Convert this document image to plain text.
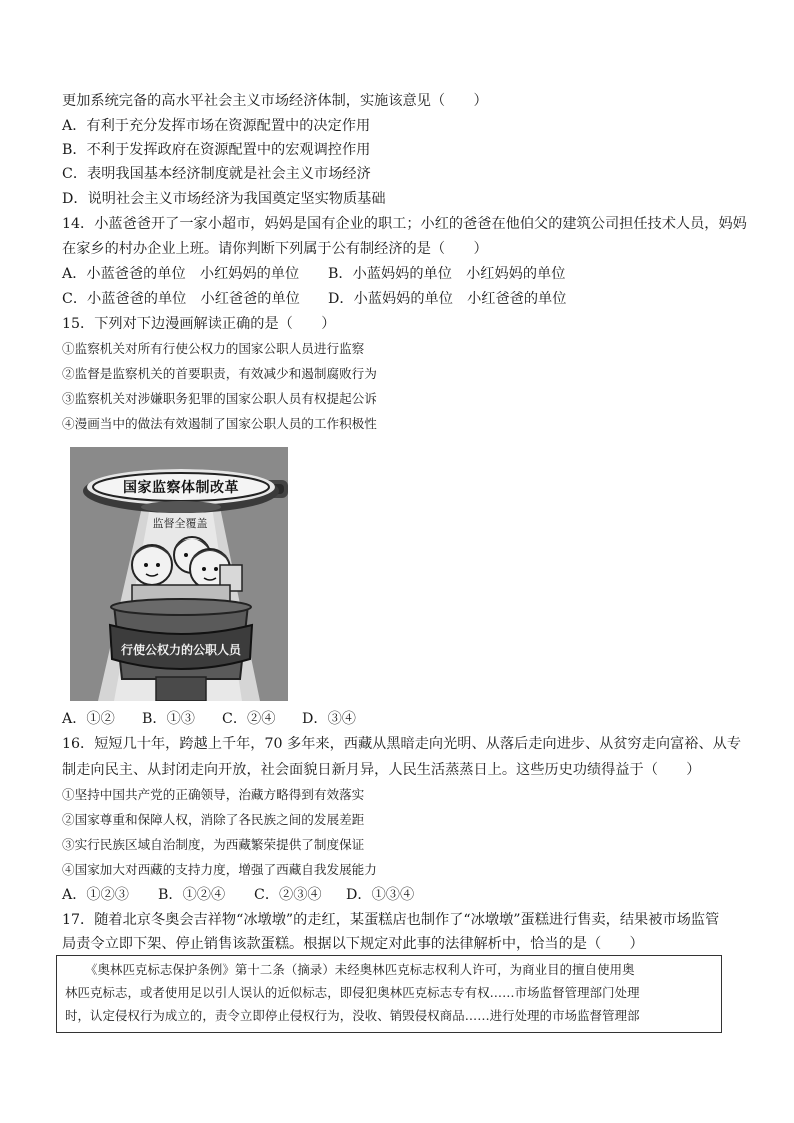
更加系统完备的高水平社会主义市场经济体制，实施该意见（　　）
A．有利于充分发挥市场在资源配置中的决定作用
B．不利于发挥政府在资源配置中的宏观调控作用
C．表明我国基本经济制度就是社会主义市场经济
D．说明社会主义市场经济为我国奠定坚实物质基础
14．小蓝爸爸开了一家小超市，妈妈是国有企业的职工；小红的爸爸在他伯父的建筑公司担任技术人员，妈妈
在家乡的村办企业上班。请你判断下列属于公有制经济的是（　　）
A．小蓝爸爸的单位　小红妈妈的单位 B．小蓝妈妈的单位　小红妈妈的单位
C．小蓝爸爸的单位　小红爸爸的单位 D．小蓝妈妈的单位　小红爸爸的单位
15．下列对下边漫画解读正确的是（　　）
①监察机关对所有行使公权力的国家公职人员进行监察
②监督是监察机关的首要职责，有效减少和遏制腐败行为
③监察机关对涉嫌职务犯罪的国家公职人员有权提起公诉
④漫画当中的做法有效遏制了国家公职人员的工作积极性
国家监察体制改革
监督全覆盖
行使公权力的公职人员
A．①② B．①③ C．②④ D．③④
16．短短几十年，跨越上千年，70 多年来，西藏从黑暗走向光明、从落后走向进步、从贫穷走向富裕、从专
制走向民主、从封闭走向开放，社会面貌日新月异，人民生活蒸蒸日上。这些历史功绩得益于（　　）
①坚持中国共产党的正确领导，治藏方略得到有效落实
②国家尊重和保障人权，消除了各民族之间的发展差距
③实行民族区域自治制度，为西藏繁荣提供了制度保证
④国家加大对西藏的支持力度，增强了西藏自我发展能力
A．①②③ B．①②④ C．②③④ D．①③④
17．随着北京冬奥会吉祥物“冰墩墩”的走红，某蛋糕店也制作了“冰墩墩”蛋糕进行售卖，结果被市场监管
局责令立即下架、停止销售该款蛋糕。根据以下规定对此事的法律解析中，恰当的是（　　）
《奥林匹克标志保护条例》第十二条（摘录）未经奥林匹克标志权利人许可，为商业目的擅自使用奥
林匹克标志，或者使用足以引人误认的近似标志，即侵犯奥林匹克标志专有权……市场监督管理部门处理
时，认定侵权行为成立的，责令立即停止侵权行为，没收、销毁侵权商品……进行处理的市场监督管理部
